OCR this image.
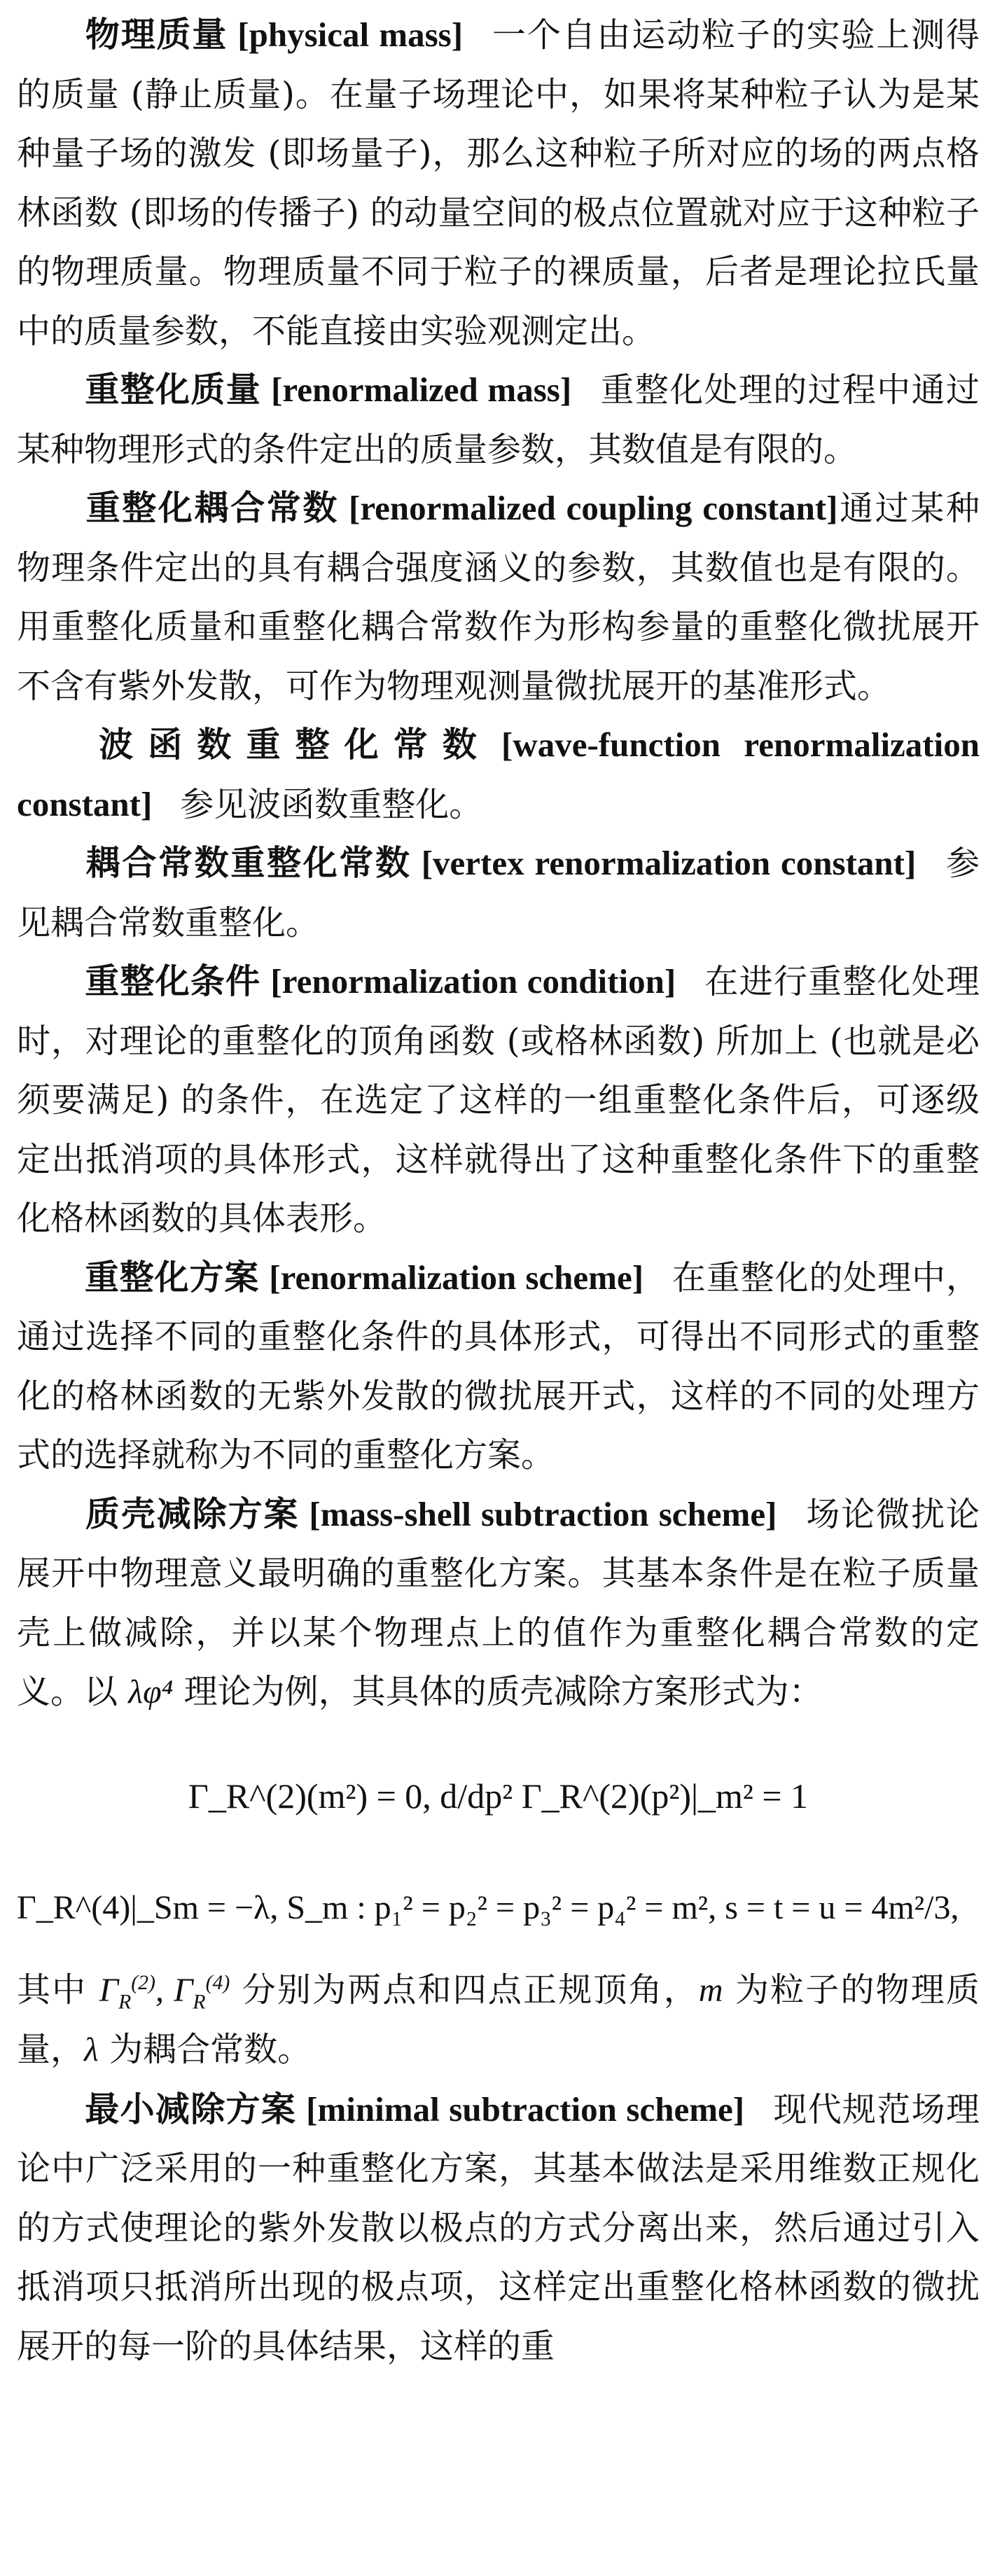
物理质量 [physical mass] 一个自由运动粒子的实验上测得的质量 (静止质量)。在量子场理论中，如果将某种粒子认为是某种量子场的激发 (即场量子)，那么这种粒子所对应的场的两点格林函数 (即场的传播子) 的动量空间的极点位置就对应于这种粒子的物理质量。物理质量不同于粒子的裸质量，后者是理论拉氏量中的质量参数，不能直接由实验观测定出。

重整化质量 [renormalized mass] 重整化处理的过程中通过某种物理形式的条件定出的质量参数，其数值是有限的。

重整化耦合常数 [renormalized coupling constant]通过某种物理条件定出的具有耦合强度涵义的参数，其数值也是有限的。用重整化质量和重整化耦合常数作为形构参量的重整化微扰展开不含有紫外发散，可作为物理观测量微扰展开的基准形式。

波函数重整化常数 [wave-function renormalization constant] 参见波函数重整化。

耦合常数重整化常数 [vertex renormalization constant] 参见耦合常数重整化。

重整化条件 [renormalization condition] 在进行重整化处理时，对理论的重整化的顶角函数 (或格林函数) 所加上 (也就是必须要满足) 的条件，在选定了这样的一组重整化条件后，可逐级定出抵消项的具体形式，这样就得出了这种重整化条件下的重整化格林函数的具体表形。

重整化方案 [renormalization scheme] 在重整化的处理中，通过选择不同的重整化条件的具体形式，可得出不同形式的重整化的格林函数的无紫外发散的微扰展开式，这样的不同的处理方式的选择就称为不同的重整化方案。

质壳减除方案 [mass-shell subtraction scheme] 场论微扰论展开中物理意义最明确的重整化方案。其基本条件是在粒子质量壳上做减除，并以某个物理点上的值作为重整化耦合常数的定义。以 λφ⁴ 理论为例，其具体的质壳减除方案形式为：

Γ_R^(2)(m²) = 0, d/dp² Γ_R^(2)(p²)|_m² = 1
Γ_R^(4)|_Sm = −λ, S_m : p₁² = p₂² = p₃² = p₄² = m², s = t = u = 4m²/3,

其中 $\Gamma_R^{(2)}$, $\Gamma_R^{(4)}$ 分别为两点和四点正规顶角，m 为粒子的物理质量，λ 为耦合常数。

最小减除方案 [minimal subtraction scheme] 现代规范场理论中广泛采用的一种重整化方案，其基本做法是采用维数正规化的方式使理论的紫外发散以极点的方式分离出来，然后通过引入抵消项只抵消所出现的极点项，这样定出重整化格林函数的微扰展开的每一阶的具体结果，这样的重
